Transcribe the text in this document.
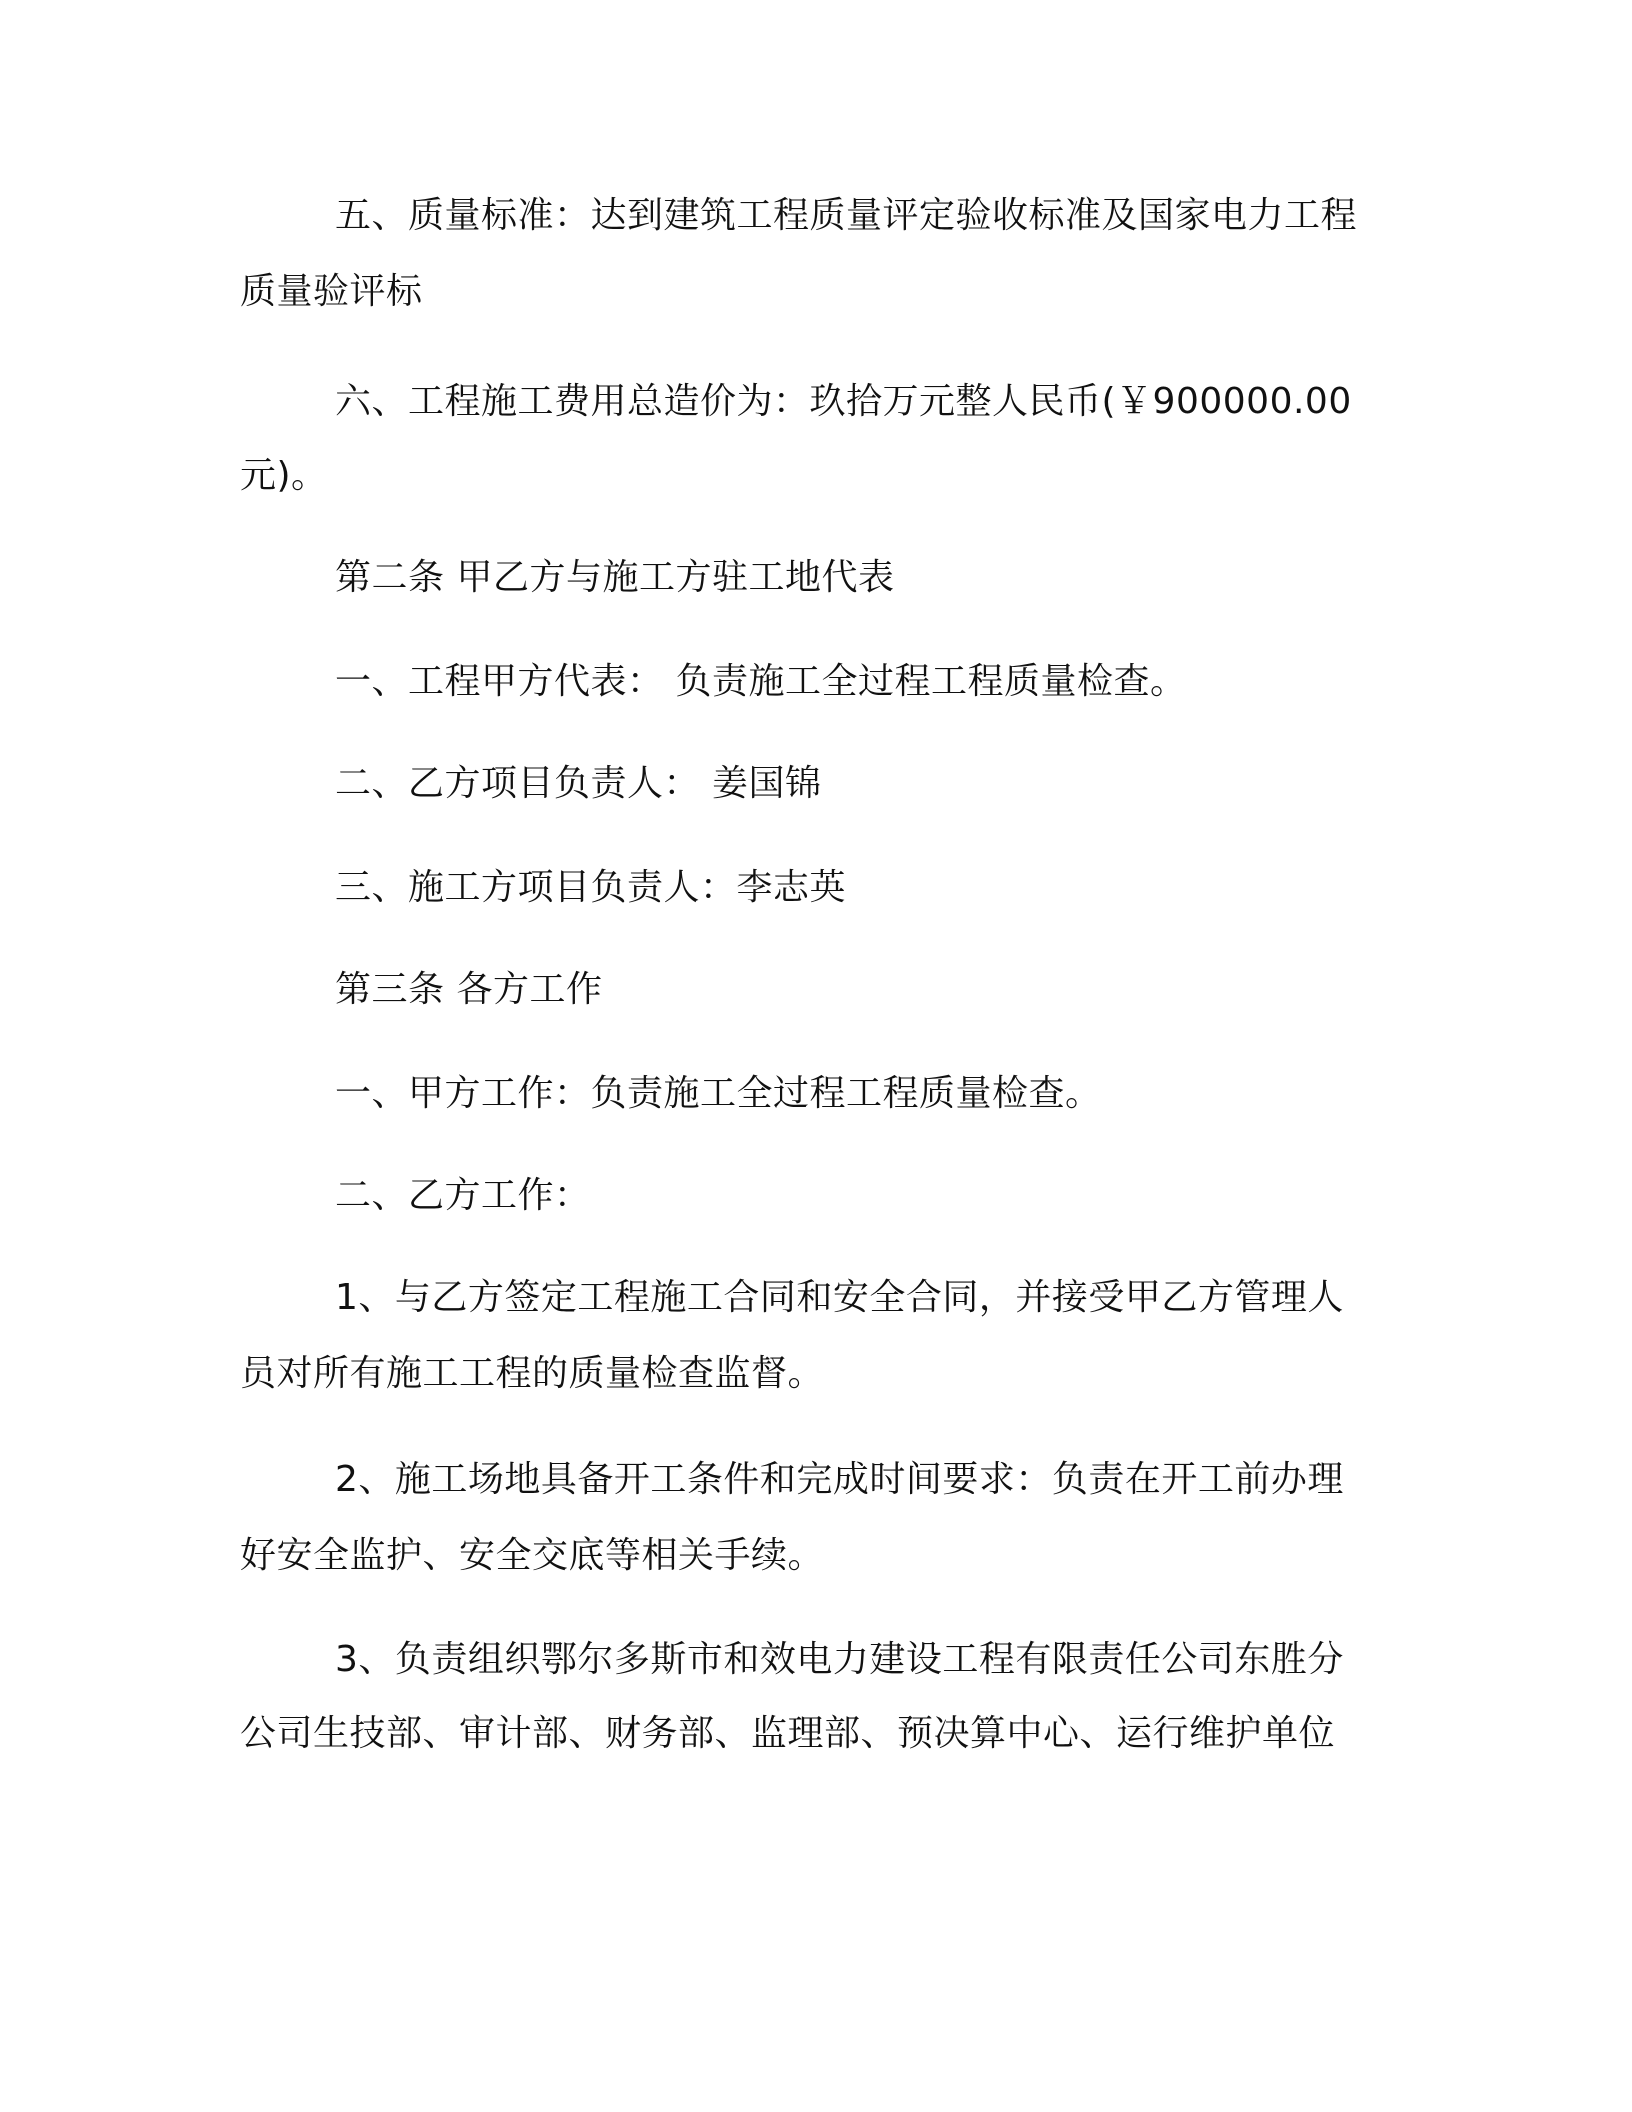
五、质量标准：达到建筑工程质量评定验收标准及国家电力工程
质量验评标
六、工程施工费用总造价为：玖拾万元整人民币(￥900000.00
元)。
第二条 甲乙方与施工方驻工地代表
一、工程甲方代表： 负责施工全过程工程质量检查。
二、乙方项目负责人： 姜国锦
三、施工方项目负责人：李志英
第三条 各方工作
一、甲方工作：负责施工全过程工程质量检查。
二、乙方工作：
1、与乙方签定工程施工合同和安全合同，并接受甲乙方管理人
员对所有施工工程的质量检查监督。
2、施工场地具备开工条件和完成时间要求：负责在开工前办理
好安全监护、安全交底等相关手续。
3、负责组织鄂尔多斯市和效电力建设工程有限责任公司东胜分
公司生技部、审计部、财务部、监理部、预决算中心、运行维护单位
